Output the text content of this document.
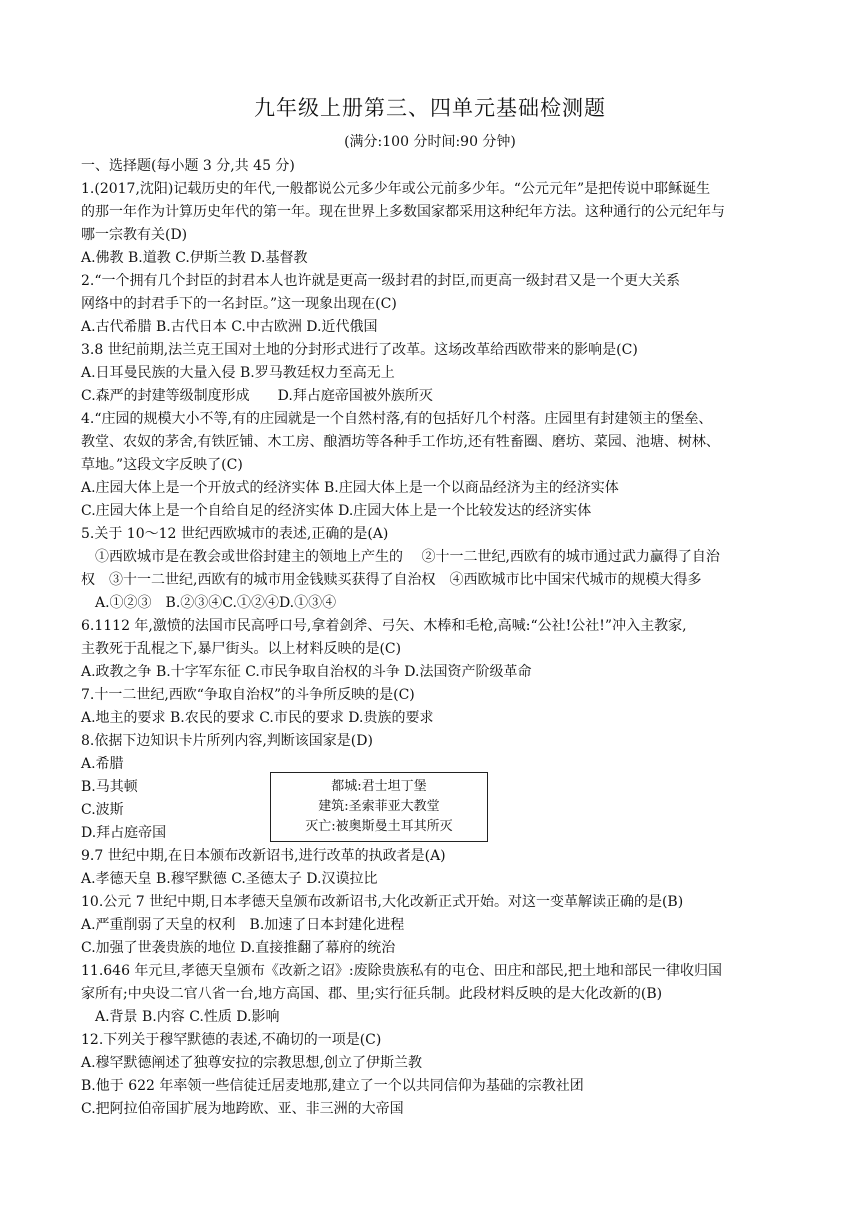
九年级上册第三、四单元基础检测题
(满分:100 分时间:90 分钟)
一、选择题(每小题 3 分,共 45 分)
1.(2017,沈阳)记载历史的年代,一般都说公元多少年或公元前多少年。“公元元年”是把传说中耶稣诞生
的那一年作为计算历史年代的第一年。现在世界上多数国家都采用这种纪年方法。这种通行的公元纪年与
哪一宗教有关(D)
A.佛教 B.道教 C.伊斯兰教 D.基督教
2.“一个拥有几个封臣的封君本人也许就是更高一级封君的封臣,而更高一级封君又是一个更大关系
网络中的封君手下的一名封臣。”这一现象出现在(C)
A.古代希腊 B.古代日本 C.中古欧洲 D.近代俄国
3.8 世纪前期,法兰克王国对土地的分封形式进行了改革。这场改革给西欧带来的影响是(C)
A.日耳曼民族的大量入侵 B.罗马教廷权力至高无上
C.森严的封建等级制度形成　　D.拜占庭帝国被外族所灭
4.“庄园的规模大小不等,有的庄园就是一个自然村落,有的包括好几个村落。庄园里有封建领主的堡垒、
教堂、农奴的茅舍,有铁匠铺、木工房、酿酒坊等各种手工作坊,还有牲畜圈、磨坊、菜园、池塘、树林、
草地。”这段文字反映了(C)
A.庄园大体上是一个开放式的经济实体 B.庄园大体上是一个以商品经济为主的经济实体
C.庄园大体上是一个自给自足的经济实体 D.庄园大体上是一个比较发达的经济实体
5.关于 10～12 世纪西欧城市的表述,正确的是(A)
　①西欧城市是在教会或世俗封建主的领地上产生的　 ②十一二世纪,西欧有的城市通过武力赢得了自治
权　③十一二世纪,西欧有的城市用金钱赎买获得了自治权　④西欧城市比中国宋代城市的规模大得多
　A.①②③　B.②③④C.①②④D.①③④
6.1112 年,激愤的法国市民高呼口号,拿着剑斧、弓矢、木棒和毛枪,高喊:“公社!公社!”冲入主教家,
主教死于乱棍之下,暴尸街头。以上材料反映的是(C)
A.政教之争 B.十字军东征 C.市民争取自治权的斗争 D.法国资产阶级革命
7.十一二世纪,西欧“争取自治权”的斗争所反映的是(C)
A.地主的要求 B.农民的要求 C.市民的要求 D.贵族的要求
8.依据下边知识卡片所列内容,判断该国家是(D)
A.希腊
B.马其顿
C.波斯
D.拜占庭帝国
9.7 世纪中期,在日本颁布改新诏书,进行改革的执政者是(A)
A.孝德天皇 B.穆罕默德 C.圣德太子 D.汉谟拉比
10.公元 7 世纪中期,日本孝德天皇颁布改新诏书,大化改新正式开始。对这一变革解读正确的是(B)
A.严重削弱了天皇的权利　B.加速了日本封建化进程
C.加强了世袭贵族的地位 D.直接推翻了幕府的统治
11.646 年元旦,孝德天皇颁布《改新之诏》:废除贵族私有的屯仓、田庄和部民,把土地和部民一律收归国
家所有;中央设二官八省一台,地方高国、郡、里;实行征兵制。此段材料反映的是大化改新的(B)
　A.背景 B.内容 C.性质 D.影响
12.下列关于穆罕默德的表述,不确切的一项是(C)
A.穆罕默德阐述了独尊安拉的宗教思想,创立了伊斯兰教
B.他于 622 年率领一些信徒迁居麦地那,建立了一个以共同信仰为基础的宗教社团
C.把阿拉伯帝国扩展为地跨欧、亚、非三洲的大帝国
都城:君士坦丁堡
建筑:圣索菲亚大教堂
灭亡:被奥斯曼土耳其所灭
